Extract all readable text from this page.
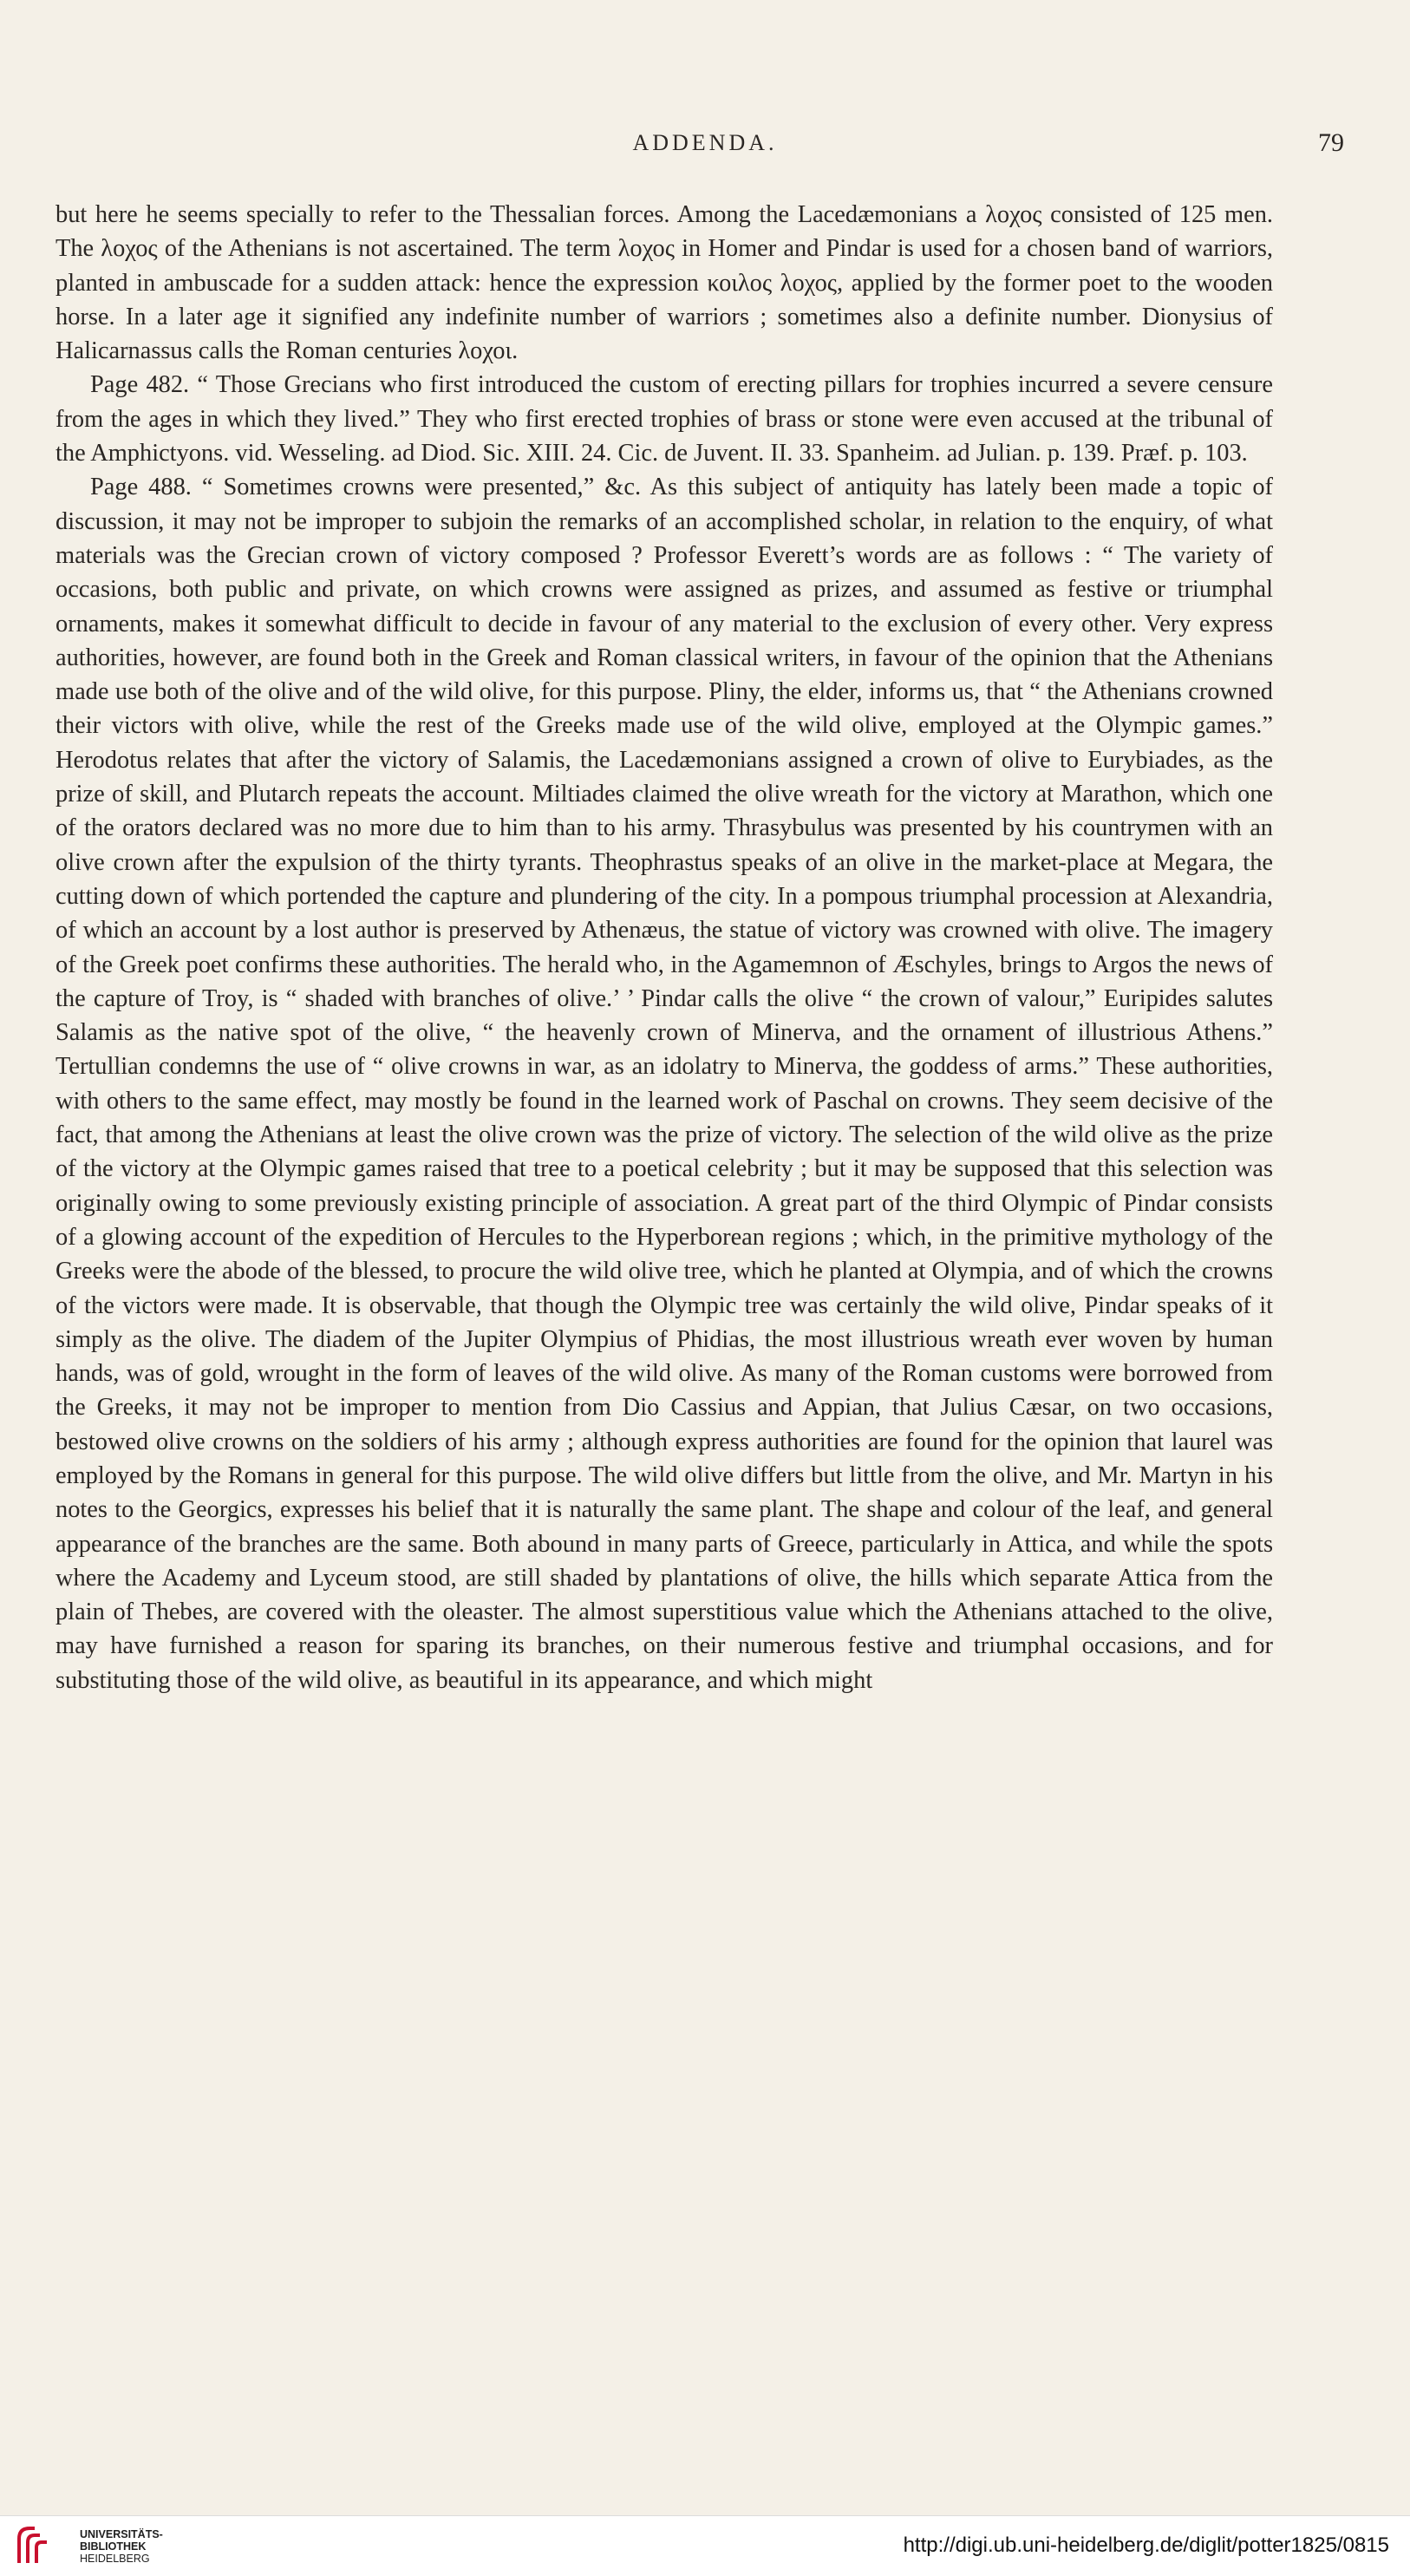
ADDENDA.	79

but here he seems specially to refer to the Thessalian forces. Among the Lacedæmonians a λοχος consisted of 125 men. The λοχος of the Athenians is not ascertained. The term λοχος in Homer and Pindar is used for a chosen band of warriors, planted in ambuscade for a sudden attack: hence the expression κοιλος λοχος, applied by the former poet to the wooden horse. In a later age it signified any indefinite number of warriors ; sometimes also a definite number. Dionysius of Halicarnassus calls the Roman centuries λοχοι.

Page 482. “ Those Grecians who first introduced the custom of erecting pillars for trophies incurred a severe censure from the ages in which they lived.” They who first erected trophies of brass or stone were even accused at the tribunal of the Amphictyons. vid. Wesseling. ad Diod. Sic. XIII. 24. Cic. de Juvent. II. 33. Spanheim. ad Julian. p. 139. Præf. p. 103.

Page 488. “ Sometimes crowns were presented,” &c. As this subject of antiquity has lately been made a topic of discussion, it may not be improper to subjoin the remarks of an accomplished scholar, in relation to the enquiry, of what materials was the Grecian crown of victory composed ? Professor Everett’s words are as follows : “ The variety of occasions, both public and private, on which crowns were assigned as prizes, and assumed as festive or triumphal ornaments, makes it somewhat difficult to decide in favour of any material to the exclusion of every other. Very express authorities, however, are found both in the Greek and Roman classical writers, in favour of the opinion that the Athenians made use both of the olive and of the wild olive, for this purpose. Pliny, the elder, informs us, that “ the Athenians crowned their victors with olive, while the rest of the Greeks made use of the wild olive, employed at the Olympic games.” Herodotus relates that after the victory of Salamis, the Lacedæmonians assigned a crown of olive to Eurybiades, as the prize of skill, and Plutarch repeats the account. Miltiades claimed the olive wreath for the victory at Marathon, which one of the orators declared was no more due to him than to his army. Thrasybulus was presented by his countrymen with an olive crown after the expulsion of the thirty tyrants. Theophrastus speaks of an olive in the market-place at Megara, the cutting down of which portended the capture and plundering of the city. In a pompous triumphal procession at Alexandria, of which an account by a lost author is preserved by Athenæus, the statue of victory was crowned with olive. The imagery of the Greek poet confirms these authorities. The herald who, in the Agamemnon of Æschyles, brings to Argos the news of the capture of Troy, is “ shaded with branches of olive.’ ’ Pindar calls the olive “ the crown of valour,” Euripides salutes Salamis as the native spot of the olive, “ the heavenly crown of Minerva, and the ornament of illustrious Athens.” Tertullian condemns the use of “ olive crowns in war, as an idolatry to Minerva, the goddess of arms.” These authorities, with others to the same effect, may mostly be found in the learned work of Paschal on crowns. They seem decisive of the fact, that among the Athenians at least the olive crown was the prize of victory. The selection of the wild olive as the prize of the victory at the Olympic games raised that tree to a poetical celebrity ; but it may be supposed that this selection was originally owing to some previously existing principle of association. A great part of the third Olympic of Pindar consists of a glowing account of the expedition of Hercules to the Hyperborean regions ; which, in the primitive mythology of the Greeks were the abode of the blessed, to procure the wild olive tree, which he planted at Olympia, and of which the crowns of the victors were made. It is observable, that though the Olympic tree was certainly the wild olive, Pindar speaks of it simply as the olive. The diadem of the Jupiter Olympius of Phidias, the most illustrious wreath ever woven by human hands, was of gold, wrought in the form of leaves of the wild olive. As many of the Roman customs were borrowed from the Greeks, it may not be improper to mention from Dio Cassius and Appian, that Julius Cæsar, on two occasions, bestowed olive crowns on the soldiers of his army ; although express authorities are found for the opinion that laurel was employed by the Romans in general for this purpose. The wild olive differs but little from the olive, and Mr. Martyn in his notes to the Georgics, expresses his belief that it is naturally the same plant. The shape and colour of the leaf, and general appearance of the branches are the same. Both abound in many parts of Greece, particularly in Attica, and while the spots where the Academy and Lyceum stood, are still shaded by plantations of olive, the hills which separate Attica from the plain of Thebes, are covered with the oleaster. The almost superstitious value which the Athenians attached to the olive, may have furnished a reason for sparing its branches, on their numerous festive and triumphal occasions, and for substituting those of the wild olive, as beautiful in its appearance, and which might

UNIVERSITÄTS-
BIBLIOTHEK
HEIDELBERG
http://digi.ub.uni-heidelberg.de/diglit/potter1825/0815
